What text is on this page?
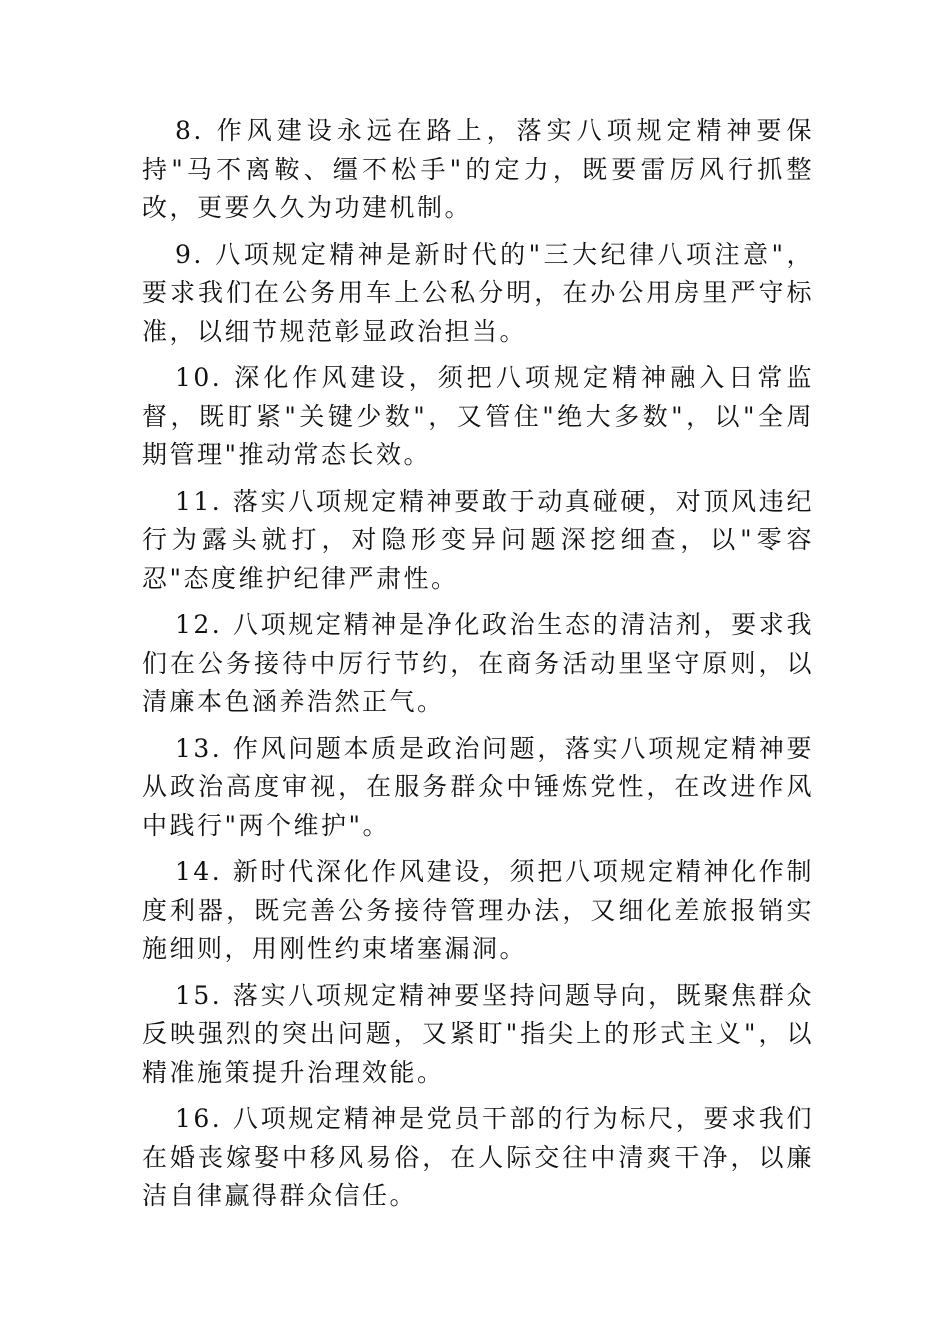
8. 作风建设永远在路上，落实八项规定精神要保持"马不离鞍、缰不松手"的定力，既要雷厉风行抓整改，更要久久为功建机制。

9. 八项规定精神是新时代的"三大纪律八项注意"，要求我们在公务用车上公私分明，在办公用房里严守标准，以细节规范彰显政治担当。

10. 深化作风建设，须把八项规定精神融入日常监督，既盯紧"关键少数"，又管住"绝大多数"，以"全周期管理"推动常态长效。

11. 落实八项规定精神要敢于动真碰硬，对顶风违纪行为露头就打，对隐形变异问题深挖细查，以"零容忍"态度维护纪律严肃性。

12. 八项规定精神是净化政治生态的清洁剂，要求我们在公务接待中厉行节约，在商务活动里坚守原则，以清廉本色涵养浩然正气。

13. 作风问题本质是政治问题，落实八项规定精神要从政治高度审视，在服务群众中锤炼党性，在改进作风中践行"两个维护"。

14. 新时代深化作风建设，须把八项规定精神化作制度利器，既完善公务接待管理办法，又细化差旅报销实施细则，用刚性约束堵塞漏洞。

15. 落实八项规定精神要坚持问题导向，既聚焦群众反映强烈的突出问题，又紧盯"指尖上的形式主义"，以精准施策提升治理效能。

16. 八项规定精神是党员干部的行为标尺，要求我们在婚丧嫁娶中移风易俗，在人际交往中清爽干净，以廉洁自律赢得群众信任。
